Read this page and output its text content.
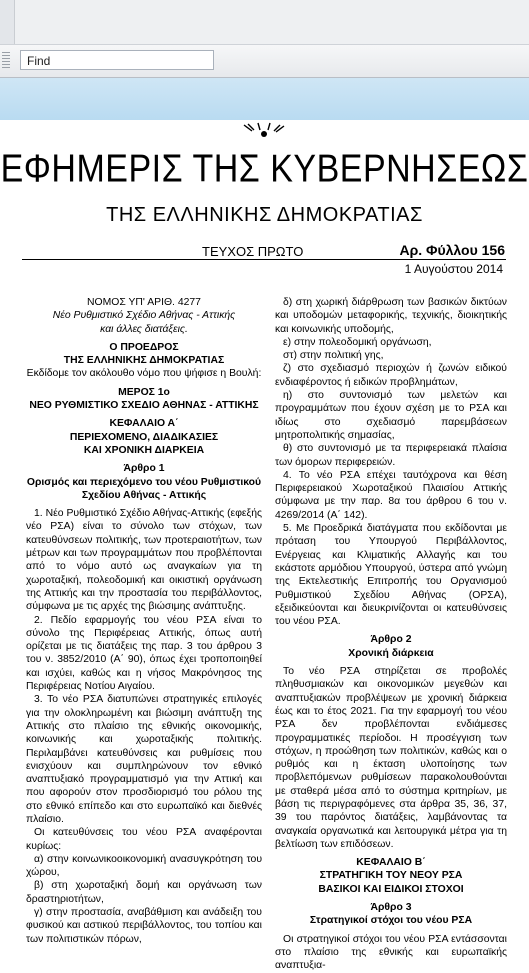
Find
ΕΦΗΜΕΡΙΣ ΤΗΣ ΚΥΒΕΡΝΗΣΕΩΣ
ΤΗΣ ΕΛΛΗΝΙΚΗΣ ΔΗΜΟΚΡΑΤΙΑΣ
ΤΕΥΧΟΣ ΠΡΩΤΟ	Αρ. Φύλλου 156
1 Αυγούστου 2014
ΝΟΜΟΣ ΥΠ' ΑΡΙΘ. 4277
Νέο Ρυθμιστικό Σχέδιο Αθήνας - Αττικής
και άλλες διατάξεις.
Ο ΠΡΟΕΔΡΟΣ
ΤΗΣ ΕΛΛΗΝΙΚΗΣ ΔΗΜΟΚΡΑΤΙΑΣ
Εκδίδομε τον ακόλουθο νόμο που ψήφισε η Βουλή:
ΜΕΡΟΣ 1ο
ΝΕΟ ΡΥΘΜΙΣΤΙΚΟ ΣΧΕΔΙΟ ΑΘΗΝΑΣ - ΑΤΤΙΚΗΣ
ΚΕΦΑΛΑΙΟ Α΄
ΠΕΡΙΕΧΟΜΕΝΟ, ΔΙΑΔΙΚΑΣΙΕΣ
ΚΑΙ ΧΡΟΝΙΚΗ ΔΙΑΡΚΕΙΑ
Άρθρο 1
Ορισμός και περιεχόμενο του νέου Ρυθμιστικού
Σχεδίου Αθήνας - Αττικής
1. Νέο Ρυθμιστικό Σχέδιο Αθήνας-Αττικής (εφεξής νέο ΡΣΑ) είναι το σύνολο των στόχων, των κατευθύνσεων πολιτικής, των προτεραιοτήτων, των μέτρων και των προγραμμάτων που προβλέπονται από το νόμο αυτό ως αναγκαίων για τη χωροταξική, πολεοδομική και οικιστική οργάνωση της Αττικής και την προστασία του περιβάλλοντος, σύμφωνα με τις αρχές της βιώσιμης ανάπτυξης.
2. Πεδίο εφαρμογής του νέου ΡΣΑ είναι το σύνολο της Περιφέρειας Αττικής, όπως αυτή ορίζεται με τις διατάξεις της παρ. 3 του άρθρου 3 του ν. 3852/2010 (Α΄ 90), όπως έχει τροποποιηθεί και ισχύει, καθώς και η νήσος Μακρόνησος της Περιφέρειας Νοτίου Αιγαίου.
3. Το νέο ΡΣΑ διατυπώνει στρατηγικές επιλογές για την ολοκληρωμένη και βιώσιμη ανάπτυξη της Αττικής στο πλαίσιο της εθνικής οικονομικής, κοινωνικής και χωροταξικής πολιτικής. Περιλαμβάνει κατευθύνσεις και ρυθμίσεις που ενισχύουν και συμπληρώνουν τον εθνικό αναπτυξιακό προγραμματισμό για την Αττική και που αφορούν στον προσδιορισμό του ρόλου της στο εθνικό επίπεδο και στο ευρωπαϊκό και διεθνές πλαίσιο.
Οι κατευθύνσεις του νέου ΡΣΑ αναφέρονται κυρίως:
α) στην κοινωνικοοικονομική ανασυγκρότηση του χώρου,
β) στη χωροταξική δομή και οργάνωση των δραστηριοτήτων,
γ) στην προστασία, αναβάθμιση και ανάδειξη του φυσικού και αστικού περιβάλλοντος, του τοπίου και των πολιτιστικών πόρων,
δ) στη χωρική διάρθρωση των βασικών δικτύων και υποδομών μεταφορικής, τεχνικής, διοικητικής και κοινωνικής υποδομής,
ε) στην πολεοδομική οργάνωση,
στ) στην πολιτική γης,
ζ) στο σχεδιασμό περιοχών ή ζωνών ειδικού ενδιαφέροντος ή ειδικών προβλημάτων,
η) στο συντονισμό των μελετών και προγραμμάτων που έχουν σχέση με το ΡΣΑ και ιδίως στο σχεδιασμό παρεμβάσεων μητροπολιτικής σημασίας,
θ) στο συντονισμό με τα περιφερειακά πλαίσια των όμορων περιφερειών.
4. Το νέο ΡΣΑ επέχει ταυτόχρονα και θέση Περιφερειακού Χωροταξικού Πλαισίου Αττικής σύμφωνα με την παρ. 8α του άρθρου 6 του ν. 4269/2014 (Α΄ 142).
5. Με Προεδρικά διατάγματα που εκδίδονται με πρόταση του Υπουργού Περιβάλλοντος, Ενέργειας και Κλιματικής Αλλαγής και του εκάστοτε αρμόδιου Υπουργού, ύστερα από γνώμη της Εκτελεστικής Επιτροπής του Οργανισμού Ρυθμιστικού Σχεδίου Αθήνας (ΟΡΣΑ), εξειδικεύονται και διευκρινίζονται οι κατευθύνσεις του νέου ΡΣΑ.
Άρθρο 2
Χρονική διάρκεια
Το νέο ΡΣΑ στηρίζεται σε προβολές πληθυσμιακών και οικονομικών μεγεθών και αναπτυξιακών προβλέψεων με χρονική διάρκεια έως και το έτος 2021. Για την εφαρμογή του νέου ΡΣΑ δεν προβλέπονται ενδιάμεσες προγραμματικές περίοδοι. Η προσέγγιση των στόχων, η προώθηση των πολιτικών, καθώς και ο ρυθμός και η έκταση υλοποίησης των προβλεπόμενων ρυθμίσεων παρακολουθούνται με σταθερά μέσα από το σύστημα κριτηρίων, με βάση τις περιγραφόμενες στα άρθρα 35, 36, 37, 39 του παρόντος διατάξεις, λαμβάνοντας τα αναγκαία οργανωτικά και λειτουργικά μέτρα για τη βελτίωση των επιδόσεων.
ΚΕΦΑΛΑΙΟ Β΄
ΣΤΡΑΤΗΓΙΚΗ ΤΟΥ ΝΕΟΥ ΡΣΑ
ΒΑΣΙΚΟΙ ΚΑΙ ΕΙΔΙΚΟΙ ΣΤΟΧΟΙ
Άρθρο 3
Στρατηγικοί στόχοι του νέου ΡΣΑ
Οι στρατηγικοί στόχοι του νέου ΡΣΑ εντάσσονται στο πλαίσιο της εθνικής και ευρωπαϊκής αναπτυξια-
